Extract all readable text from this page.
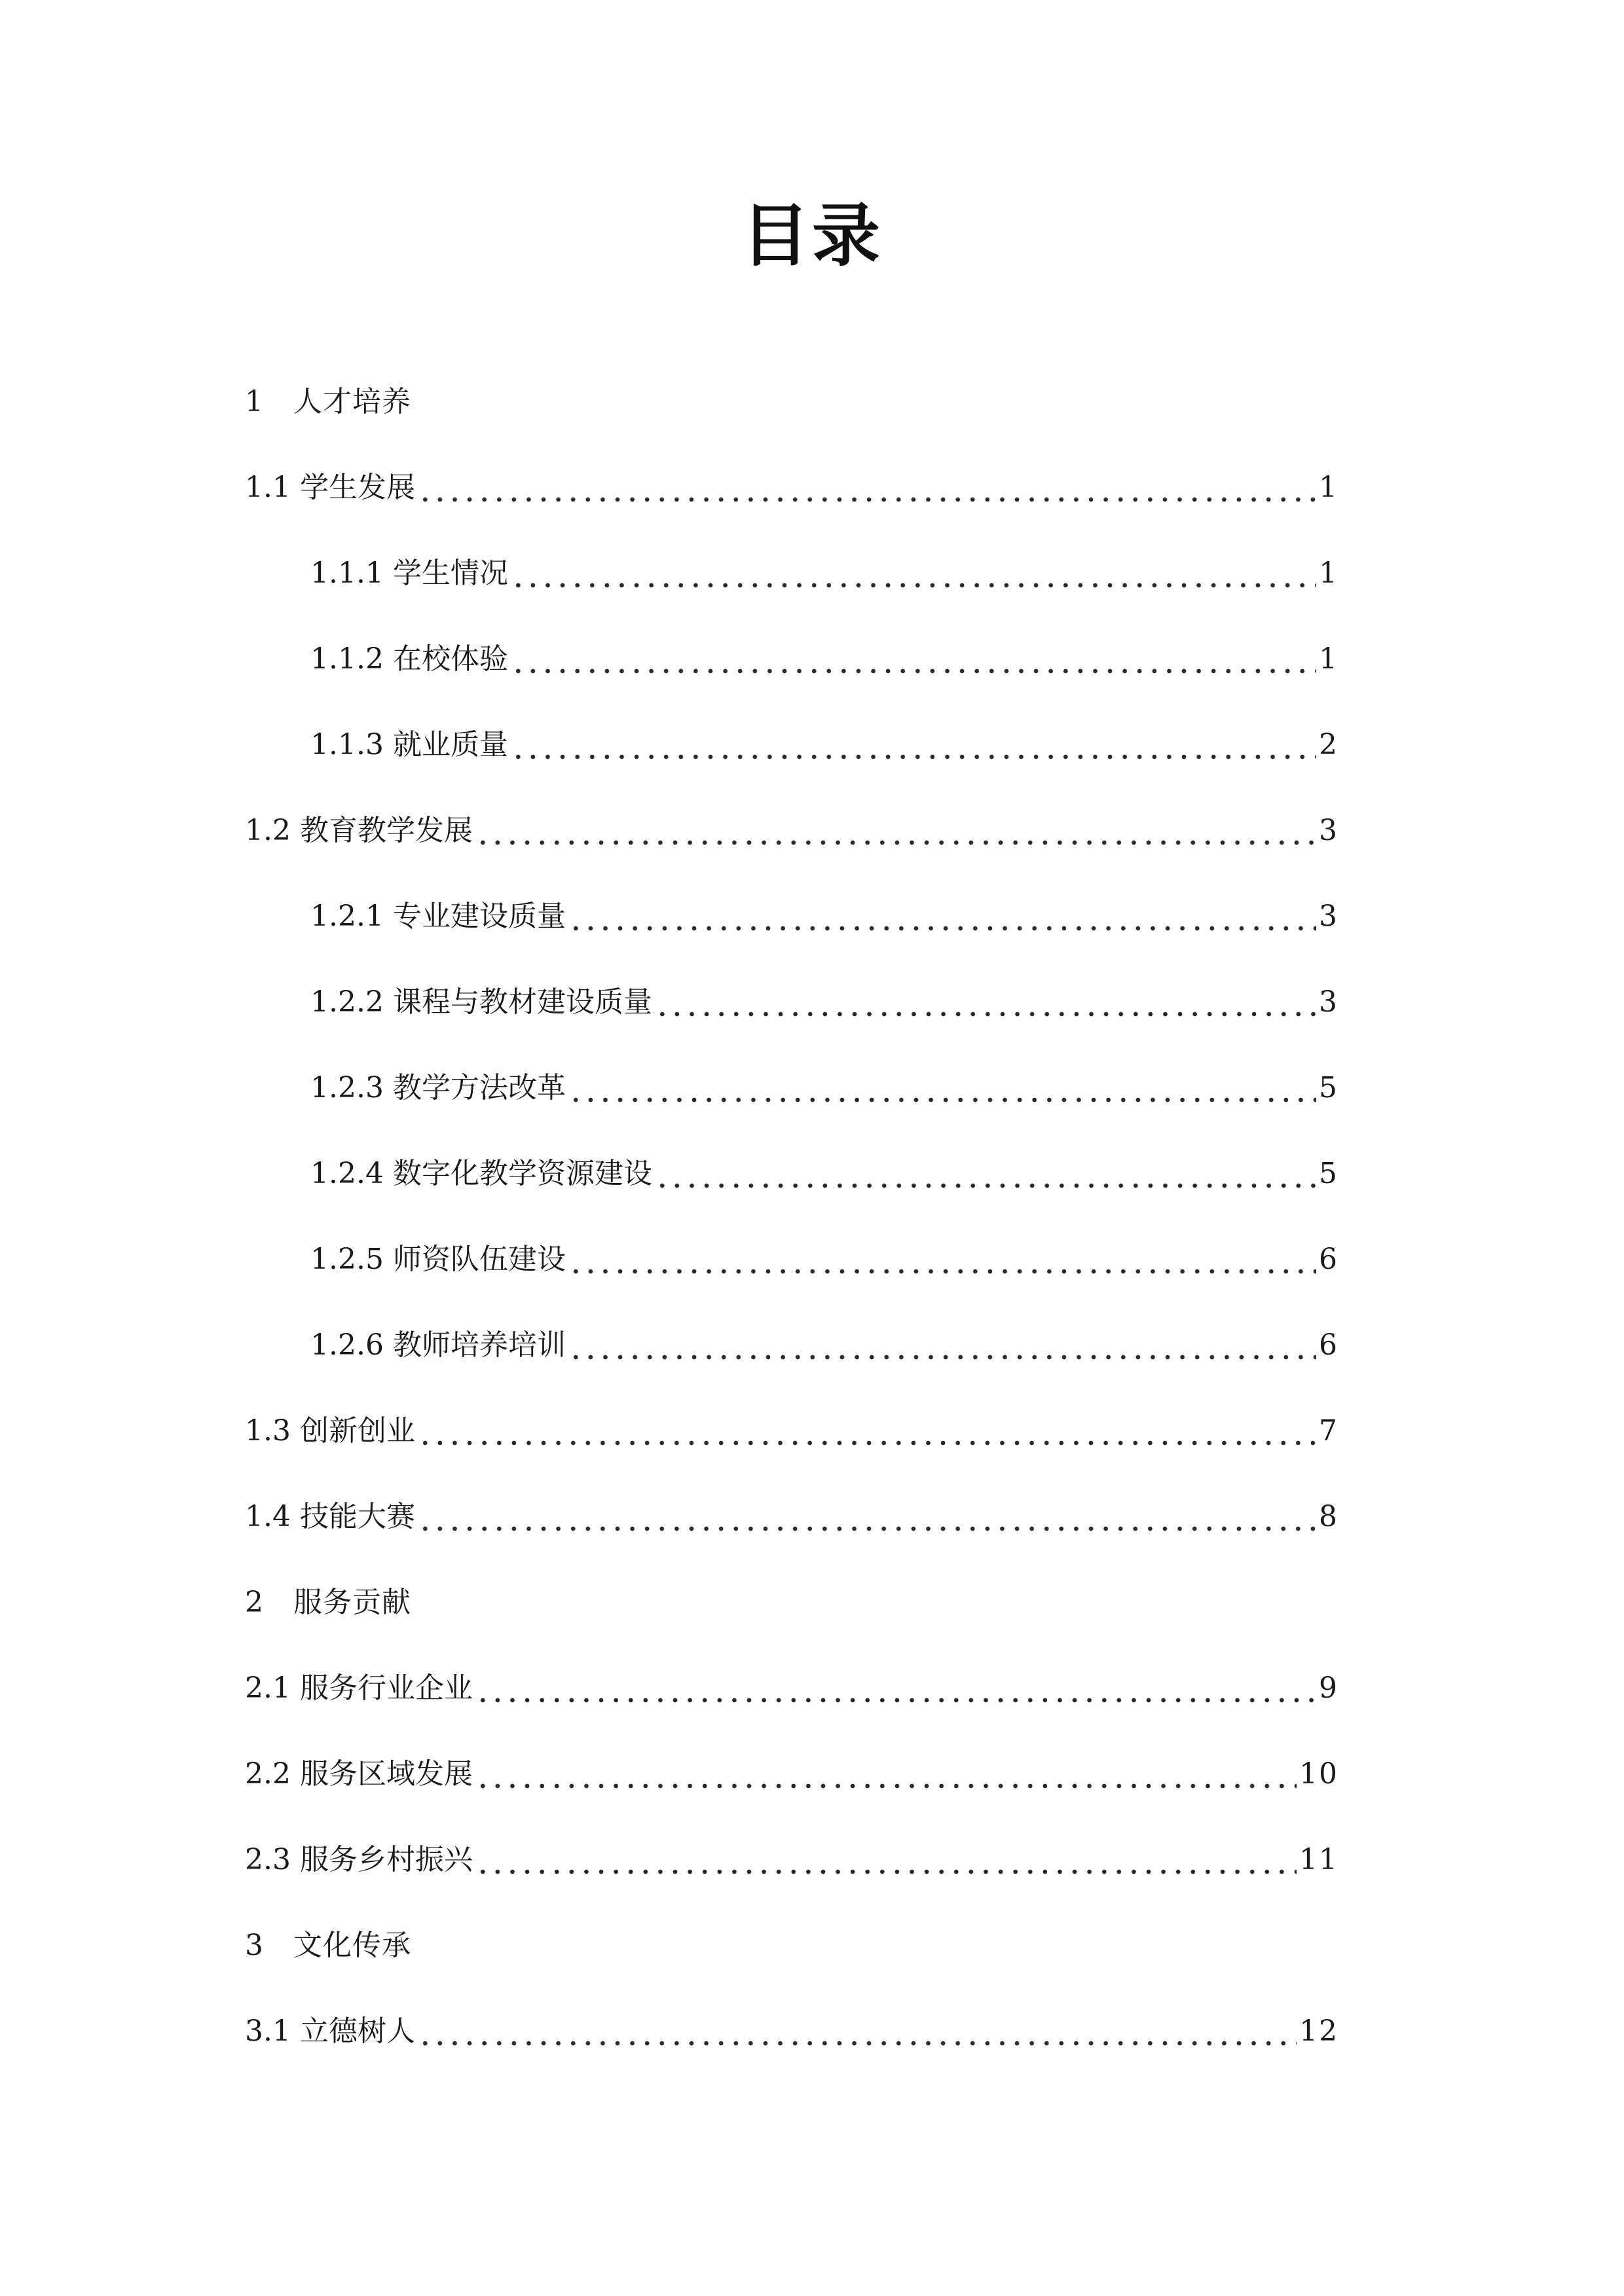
目录
1　人才培养
1.1 学生发展	1
1.1.1 学生情况	1
1.1.2 在校体验	1
1.1.3 就业质量	2
1.2 教育教学发展	3
1.2.1 专业建设质量	3
1.2.2 课程与教材建设质量	3
1.2.3 教学方法改革	5
1.2.4 数字化教学资源建设	5
1.2.5 师资队伍建设	6
1.2.6 教师培养培训	6
1.3 创新创业	7
1.4 技能大赛	8
2　服务贡献
2.1 服务行业企业	9
2.2 服务区域发展	10
2.3 服务乡村振兴	11
3　文化传承
3.1 立德树人	12
